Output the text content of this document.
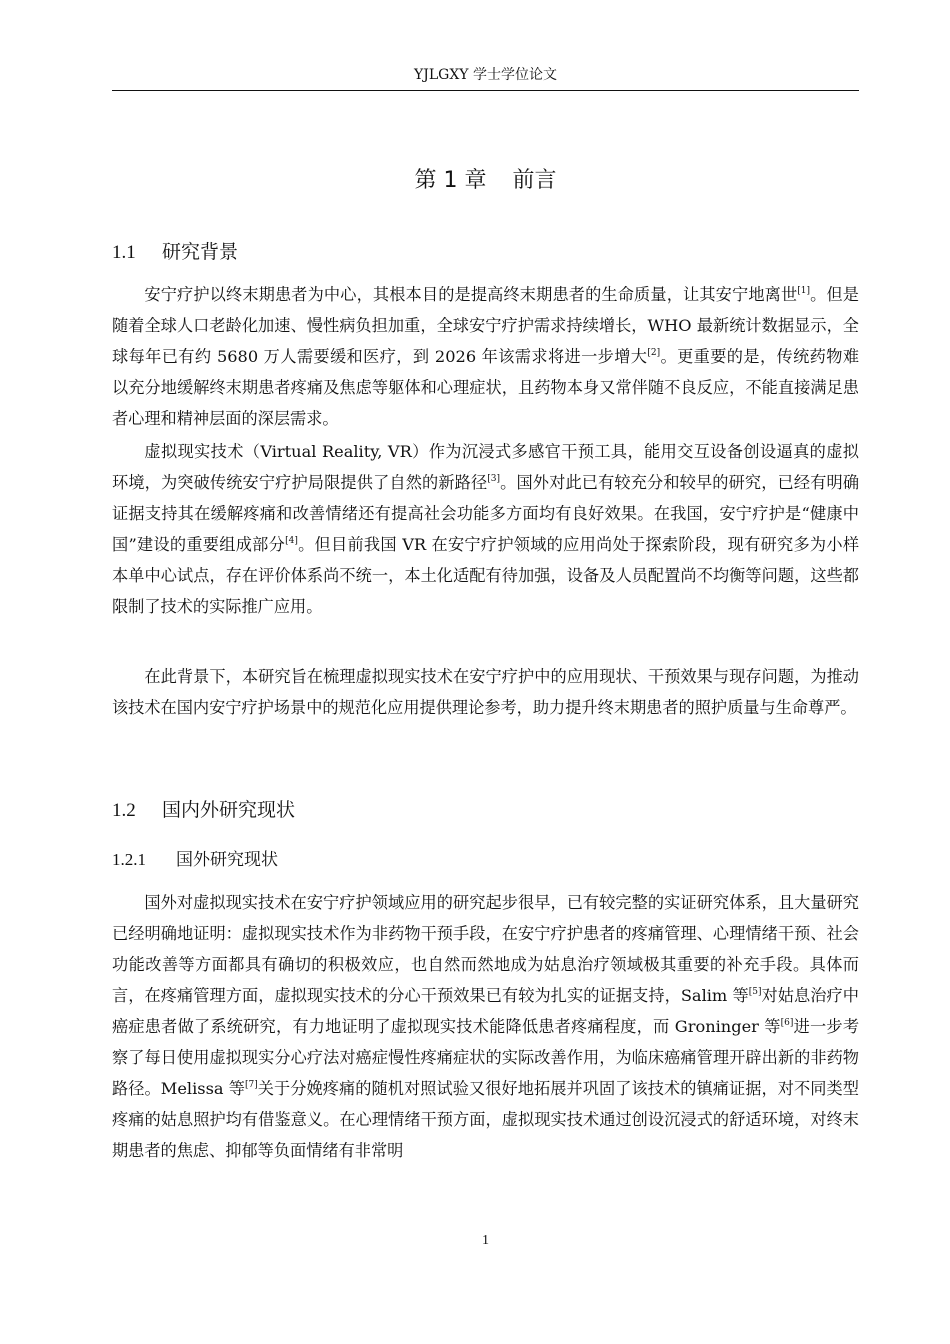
YJLGXY 学士学位论文
第 1 章 前言
1.1 研究背景

安宁疗护以终末期患者为中心，其根本目的是提高终末期患者的生命质量，让其安宁地离世[1]。但是随着全球人口老龄化加速、慢性病负担加重，全球安宁疗护需求持续增长，WHO 最新统计数据显示，全球每年已有约 5680 万人需要缓和医疗，到 2026 年该需求将进一步增大[2]。更重要的是，传统药物难以充分地缓解终末期患者疼痛及焦虑等躯体和心理症状，且药物本身又常伴随不良反应，不能直接满足患者心理和精神层面的深层需求。

虚拟现实技术（Virtual Reality, VR）作为沉浸式多感官干预工具，能用交互设备创设逼真的虚拟环境，为突破传统安宁疗护局限提供了自然的新路径[3]。国外对此已有较充分和较早的研究，已经有明确证据支持其在缓解疼痛和改善情绪还有提高社会功能多方面均有良好效果。在我国，安宁疗护是“健康中国”建设的重要组成部分[4]。但目前我国 VR 在安宁疗护领域的应用尚处于探索阶段，现有研究多为小样本单中心试点，存在评价体系尚不统一，本土化适配有待加强，设备及人员配置尚不均衡等问题，这些都限制了技术的实际推广应用。

在此背景下，本研究旨在梳理虚拟现实技术在安宁疗护中的应用现状、干预效果与现存问题，为推动该技术在国内安宁疗护场景中的规范化应用提供理论参考，助力提升终末期患者的照护质量与生命尊严。

1.2 国内外研究现状
1.2.1 国外研究现状

国外对虚拟现实技术在安宁疗护领域应用的研究起步很早，已有较完整的实证研究体系，且大量研究已经明确地证明：虚拟现实技术作为非药物干预手段，在安宁疗护患者的疼痛管理、心理情绪干预、社会功能改善等方面都具有确切的积极效应，也自然而然地成为姑息治疗领域极其重要的补充手段。具体而言，在疼痛管理方面，虚拟现实技术的分心干预效果已有较为扎实的证据支持，Salim 等[5]对姑息治疗中癌症患者做了系统研究，有力地证明了虚拟现实技术能降低患者疼痛程度，而 Groninger 等[6]进一步考察了每日使用虚拟现实分心疗法对癌症慢性疼痛症状的实际改善作用，为临床癌痛管理开辟出新的非药物路径。Melissa 等[7]关于分娩疼痛的随机对照试验又很好地拓展并巩固了该技术的镇痛证据，对不同类型疼痛的姑息照护均有借鉴意义。在心理情绪干预方面，虚拟现实技术通过创设沉浸式的舒适环境，对终末期患者的焦虑、抑郁等负面情绪有非常明

1
